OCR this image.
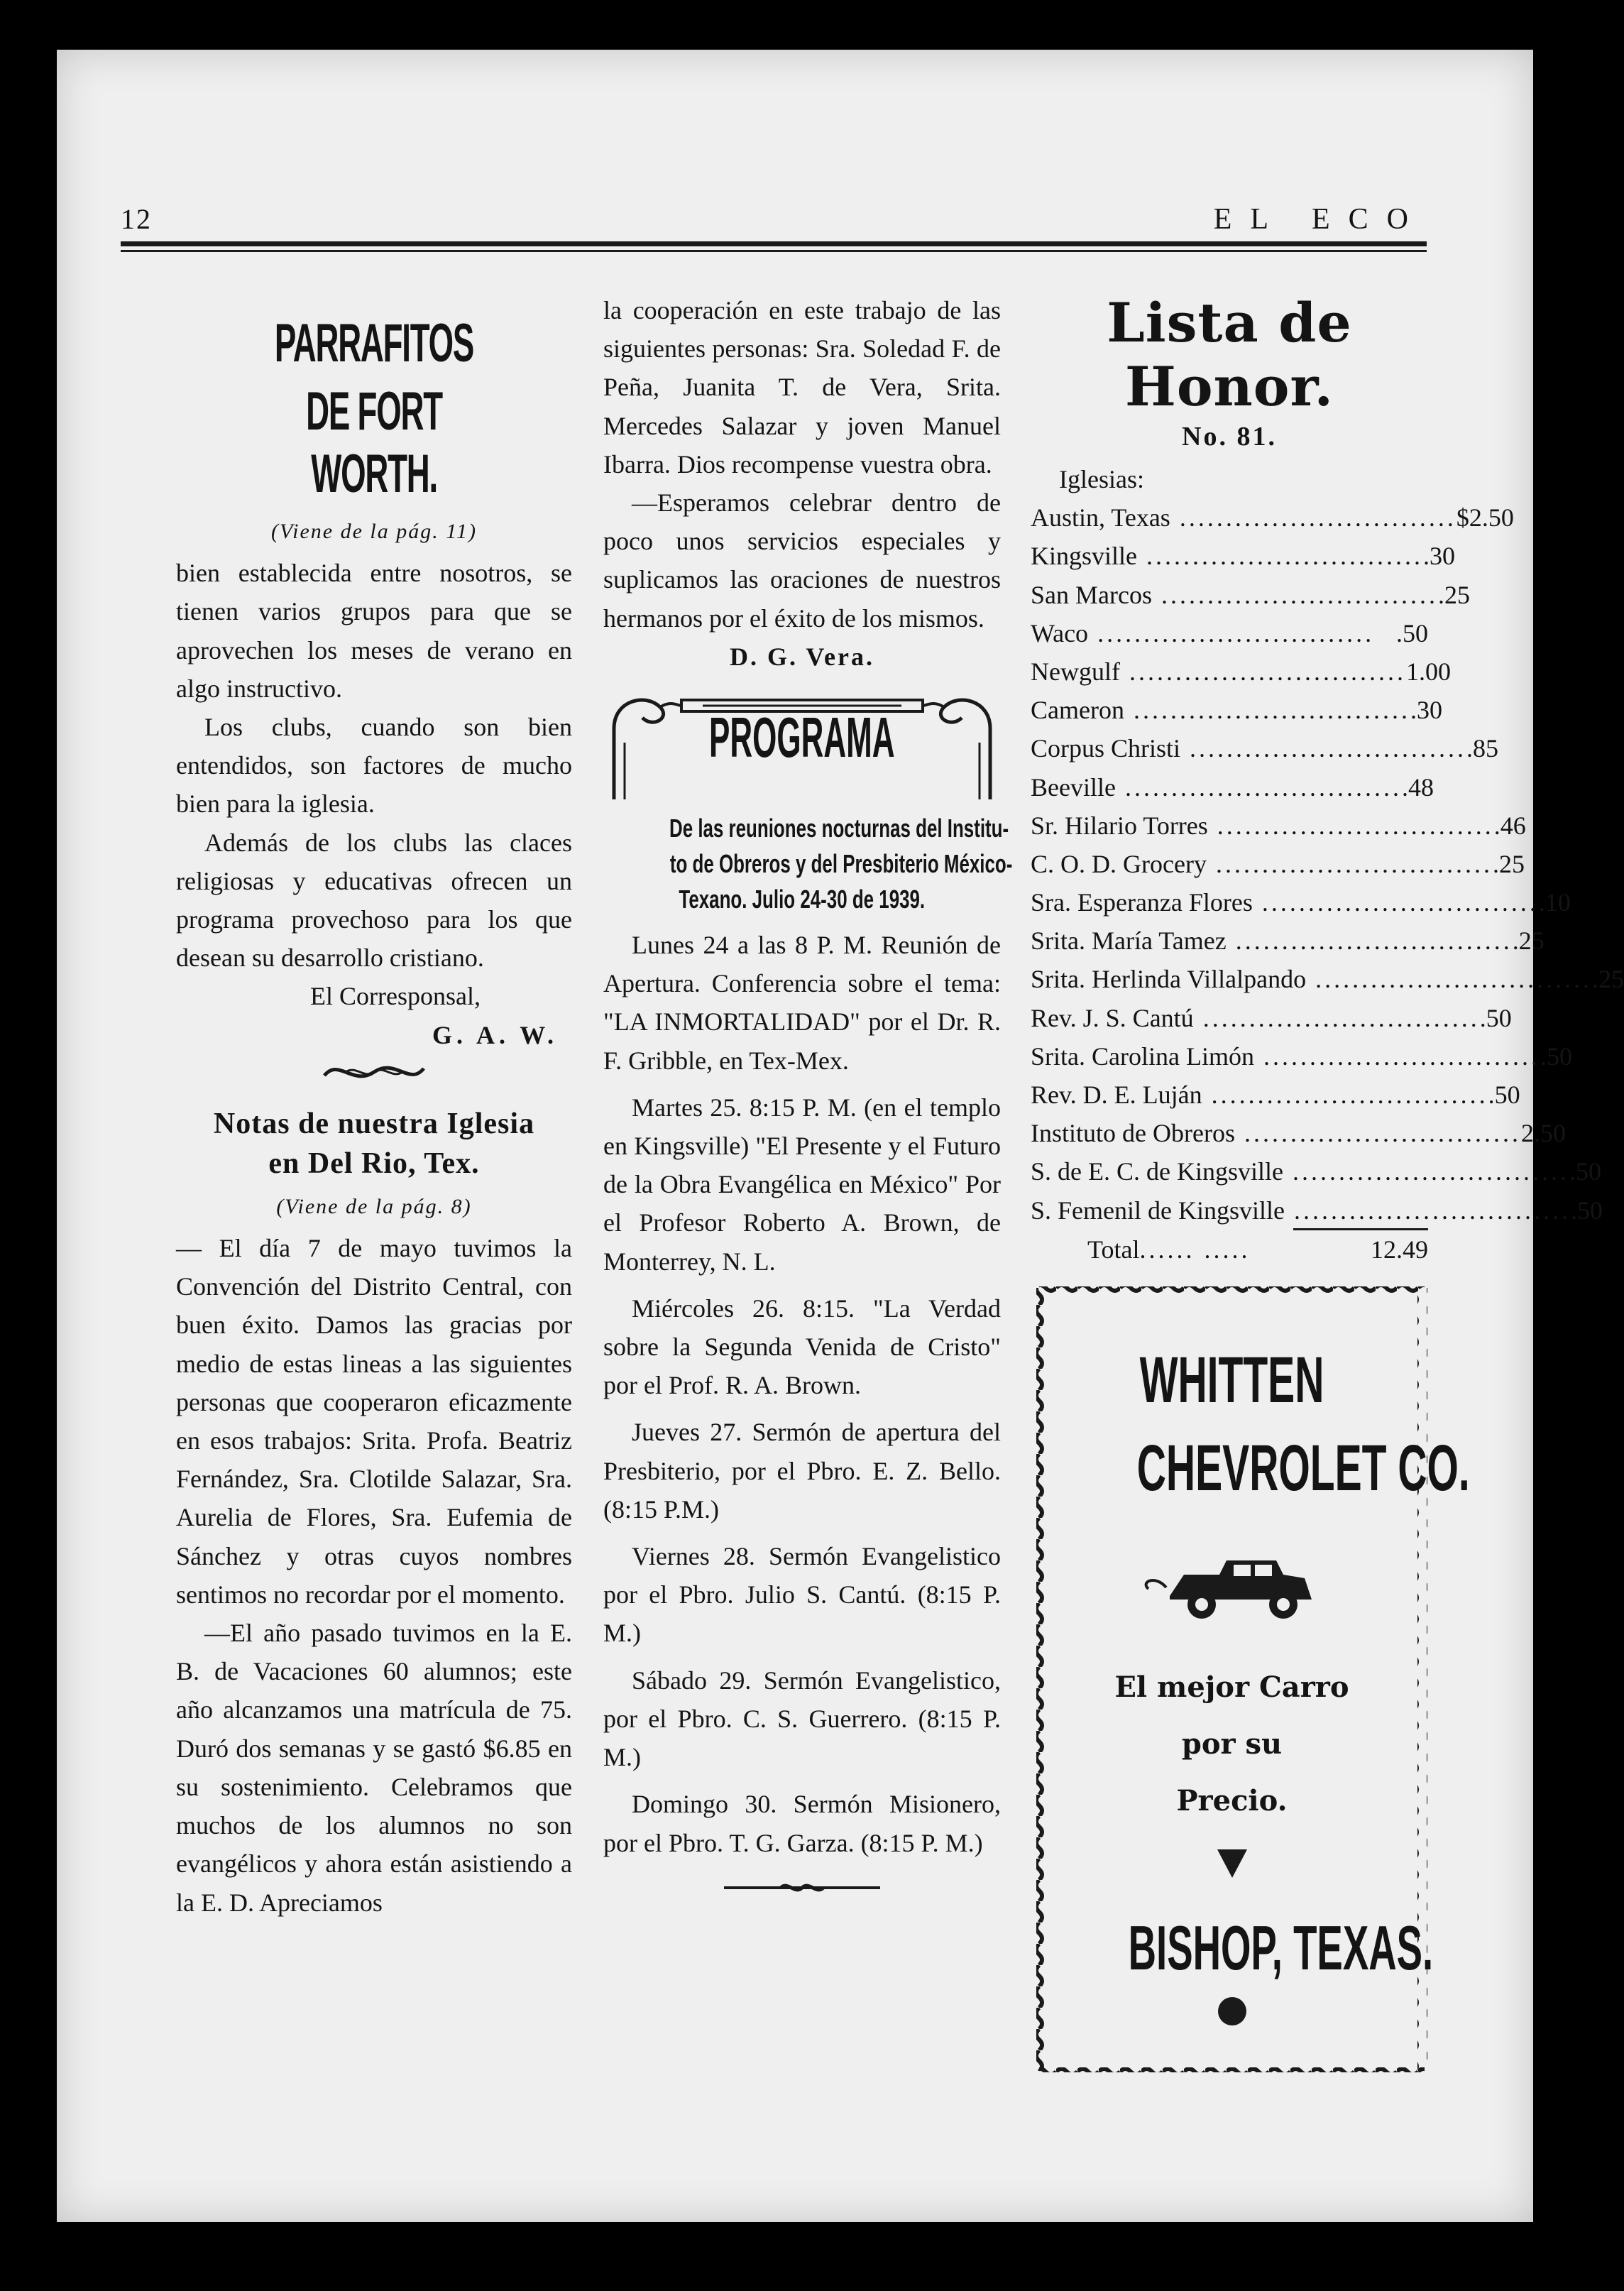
12	EL ECO
PARRAFITOS DE FORT
WORTH.
(Viene de la pág. 11)

bien establecida entre nosotros, se tienen varios grupos para que se aprovechen los meses de verano en algo instructivo.

Los clubs, cuando son bien entendidos, son factores de mucho bien para la iglesia.

Además de los clubs las claces religiosas y educativas ofrecen un programa provechoso para los que desean su desarrollo cristiano.

El Corresponsal,

G. A. W.

Notas de nuestra Iglesia
en Del Rio, Tex.
(Viene de la pág. 8)

— El día 7 de mayo tuvimos la Convención del Distrito Central, con buen éxito. Damos las gracias por medio de estas lineas a las siguientes personas que cooperaron eficazmente en esos trabajos: Srita. Profa. Beatriz Fernández, Sra. Clotilde Salazar, Sra. Aurelia de Flores, Sra. Eufemia de Sánchez y otras cuyos nombres sentimos no recordar por el momento.

—El año pasado tuvimos en la E. B. de Vacaciones 60 alumnos; este año alcanzamos una matrícula de 75. Duró dos semanas y se gastó $6.85 en su sostenimiento. Celebramos que muchos de los alumnos no son evangélicos y ahora están asistiendo a la E. D. Apreciamos

la cooperación en este trabajo de las siguientes personas: Sra. Soledad F. de Peña, Juanita T. de Vera, Srita. Mercedes Salazar y joven Manuel Ibarra. Dios recompense vuestra obra.

—Esperamos celebrar dentro de poco unos servicios especiales y suplicamos las oraciones de nuestros hermanos por el éxito de los mismos.

D. G. Vera.

PROGRAMA
De las reuniones nocturnas del Institu-
to de Obreros y del Presbiterio México-
Texano. Julio 24-30 de 1939.

Lunes 24 a las 8 P. M. Reunión de Apertura. Conferencia sobre el tema: "LA INMORTALIDAD" por el Dr. R. F. Gribble, en Tex-Mex.

Martes 25. 8:15 P. M. (en el templo en Kingsville) "El Presente y el Futuro de la Obra Evangélica en México" Por el Profesor Roberto A. Brown, de Monterrey, N. L.

Miércoles 26. 8:15. "La Verdad sobre la Segunda Venida de Cristo" por el Prof. R. A. Brown.

Jueves 27. Sermón de apertura del Presbiterio, por el Pbro. E. Z. Bello. (8:15 P.M.)

Viernes 28. Sermón Evangelistico por el Pbro. Julio S. Cantú. (8:15 P. M.)

Sábado 29. Sermón Evangelistico, por el Pbro. C. S. Guerrero. (8:15 P. M.)

Domingo 30. Sermón Misionero, por el Pbro. T. G. Garza. (8:15 P. M.)

Lista de Honor.
No. 81.
Iglesias:
Austin, Texas .............................. $2.50
Kingsville .............................. .30
San Marcos .............................. .25
Waco .............................. .50
Newgulf .............................. 1.00
Cameron .............................. .30
Corpus Christi .............................. .85
Beeville .............................. .48
Sr. Hilario Torres .............................. .46
C. O. D. Grocery .............................. .25
Sra. Esperanza Flores .............................. .10
Srita. María Tamez .............................. .25
Srita. Herlinda Villalpando .............................. .25
Rev. J. S. Cantú .............................. .50
Srita. Carolina Limón .............................. .50
Rev. D. E. Luján .............................. .50
Instituto de Obreros .............................. 2.50
S. de E. C. de Kingsville .............................. .50
S. Femenil de Kingsville .............................. .50
Total...... .....	12.49
WHITTEN
CHEVROLET CO.
El mejor Carro
por su
Precio.
BISHOP, TEXAS.
